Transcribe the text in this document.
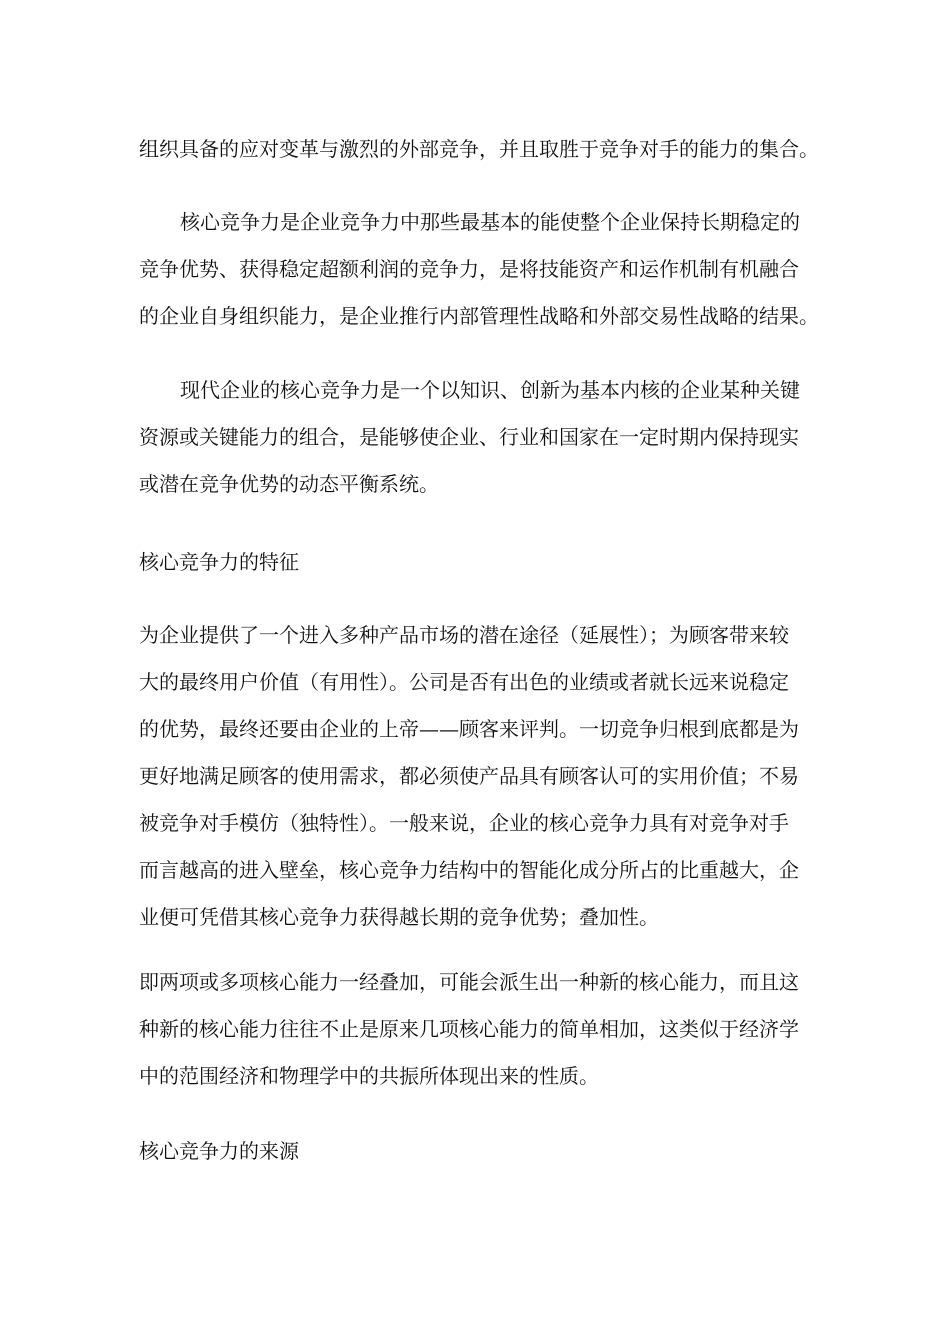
组织具备的应对变革与激烈的外部竞争，并且取胜于竞争对手的能力的集合。
核心竞争力是企业竞争力中那些最基本的能使整个企业保持长期稳定的
竞争优势、获得稳定超额利润的竞争力，是将技能资产和运作机制有机融合
的企业自身组织能力，是企业推行内部管理性战略和外部交易性战略的结果。
现代企业的核心竞争力是一个以知识、创新为基本内核的企业某种关键
资源或关键能力的组合，是能够使企业、行业和国家在一定时期内保持现实
或潜在竞争优势的动态平衡系统。
核心竞争力的特征
为企业提供了一个进入多种产品市场的潜在途径（延展性）；为顾客带来较
大的最终用户价值（有用性）。公司是否有出色的业绩或者就长远来说稳定
的优势，最终还要由企业的上帝——顾客来评判。一切竞争归根到底都是为
更好地满足顾客的使用需求，都必须使产品具有顾客认可的实用价值；不易
被竞争对手模仿（独特性）。一般来说，企业的核心竞争力具有对竞争对手
而言越高的进入壁垒，核心竞争力结构中的智能化成分所占的比重越大，企
业便可凭借其核心竞争力获得越长期的竞争优势；叠加性。
即两项或多项核心能力一经叠加，可能会派生出一种新的核心能力，而且这
种新的核心能力往往不止是原来几项核心能力的简单相加，这类似于经济学
中的范围经济和物理学中的共振所体现出来的性质。
核心竞争力的来源
